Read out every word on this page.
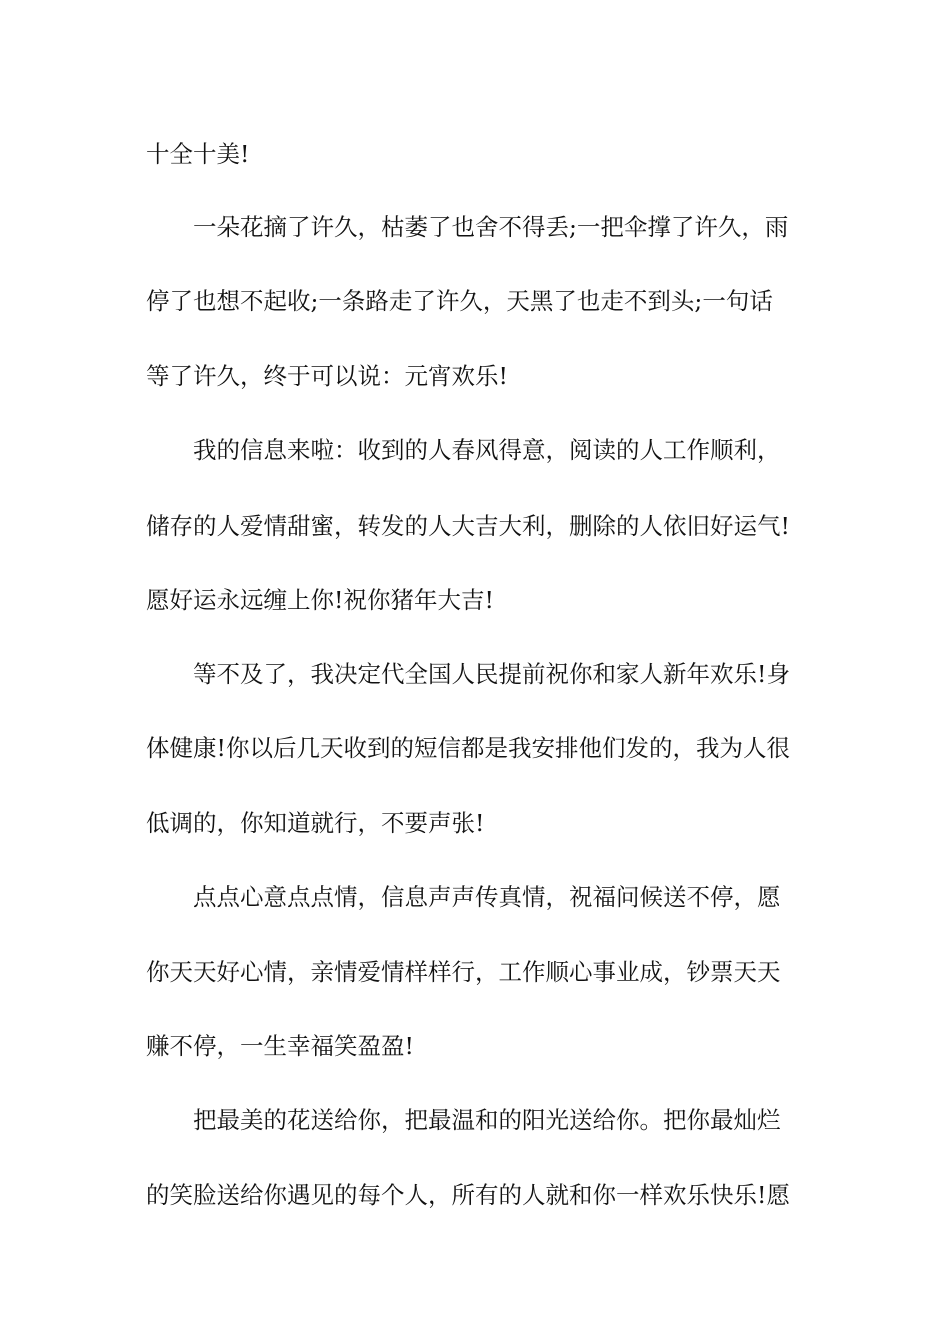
十全十美!
一朵花摘了许久，枯萎了也舍不得丢;一把伞撑了许久，雨
停了也想不起收;一条路走了许久，天黑了也走不到头;一句话
等了许久，终于可以说：元宵欢乐!
我的信息来啦：收到的人春风得意，阅读的人工作顺利，
储存的人爱情甜蜜，转发的人大吉大利，删除的人依旧好运气!
愿好运永远缠上你!祝你猪年大吉!
等不及了，我决定代全国人民提前祝你和家人新年欢乐!身
体健康!你以后几天收到的短信都是我安排他们发的，我为人很
低调的，你知道就行，不要声张!
点点心意点点情，信息声声传真情，祝福问候送不停，愿
你天天好心情，亲情爱情样样行，工作顺心事业成，钞票天天
赚不停，一生幸福笑盈盈!
把最美的花送给你，把最温和的阳光送给你。把你最灿烂
的笑脸送给你遇见的每个人，所有的人就和你一样欢乐快乐!愿
